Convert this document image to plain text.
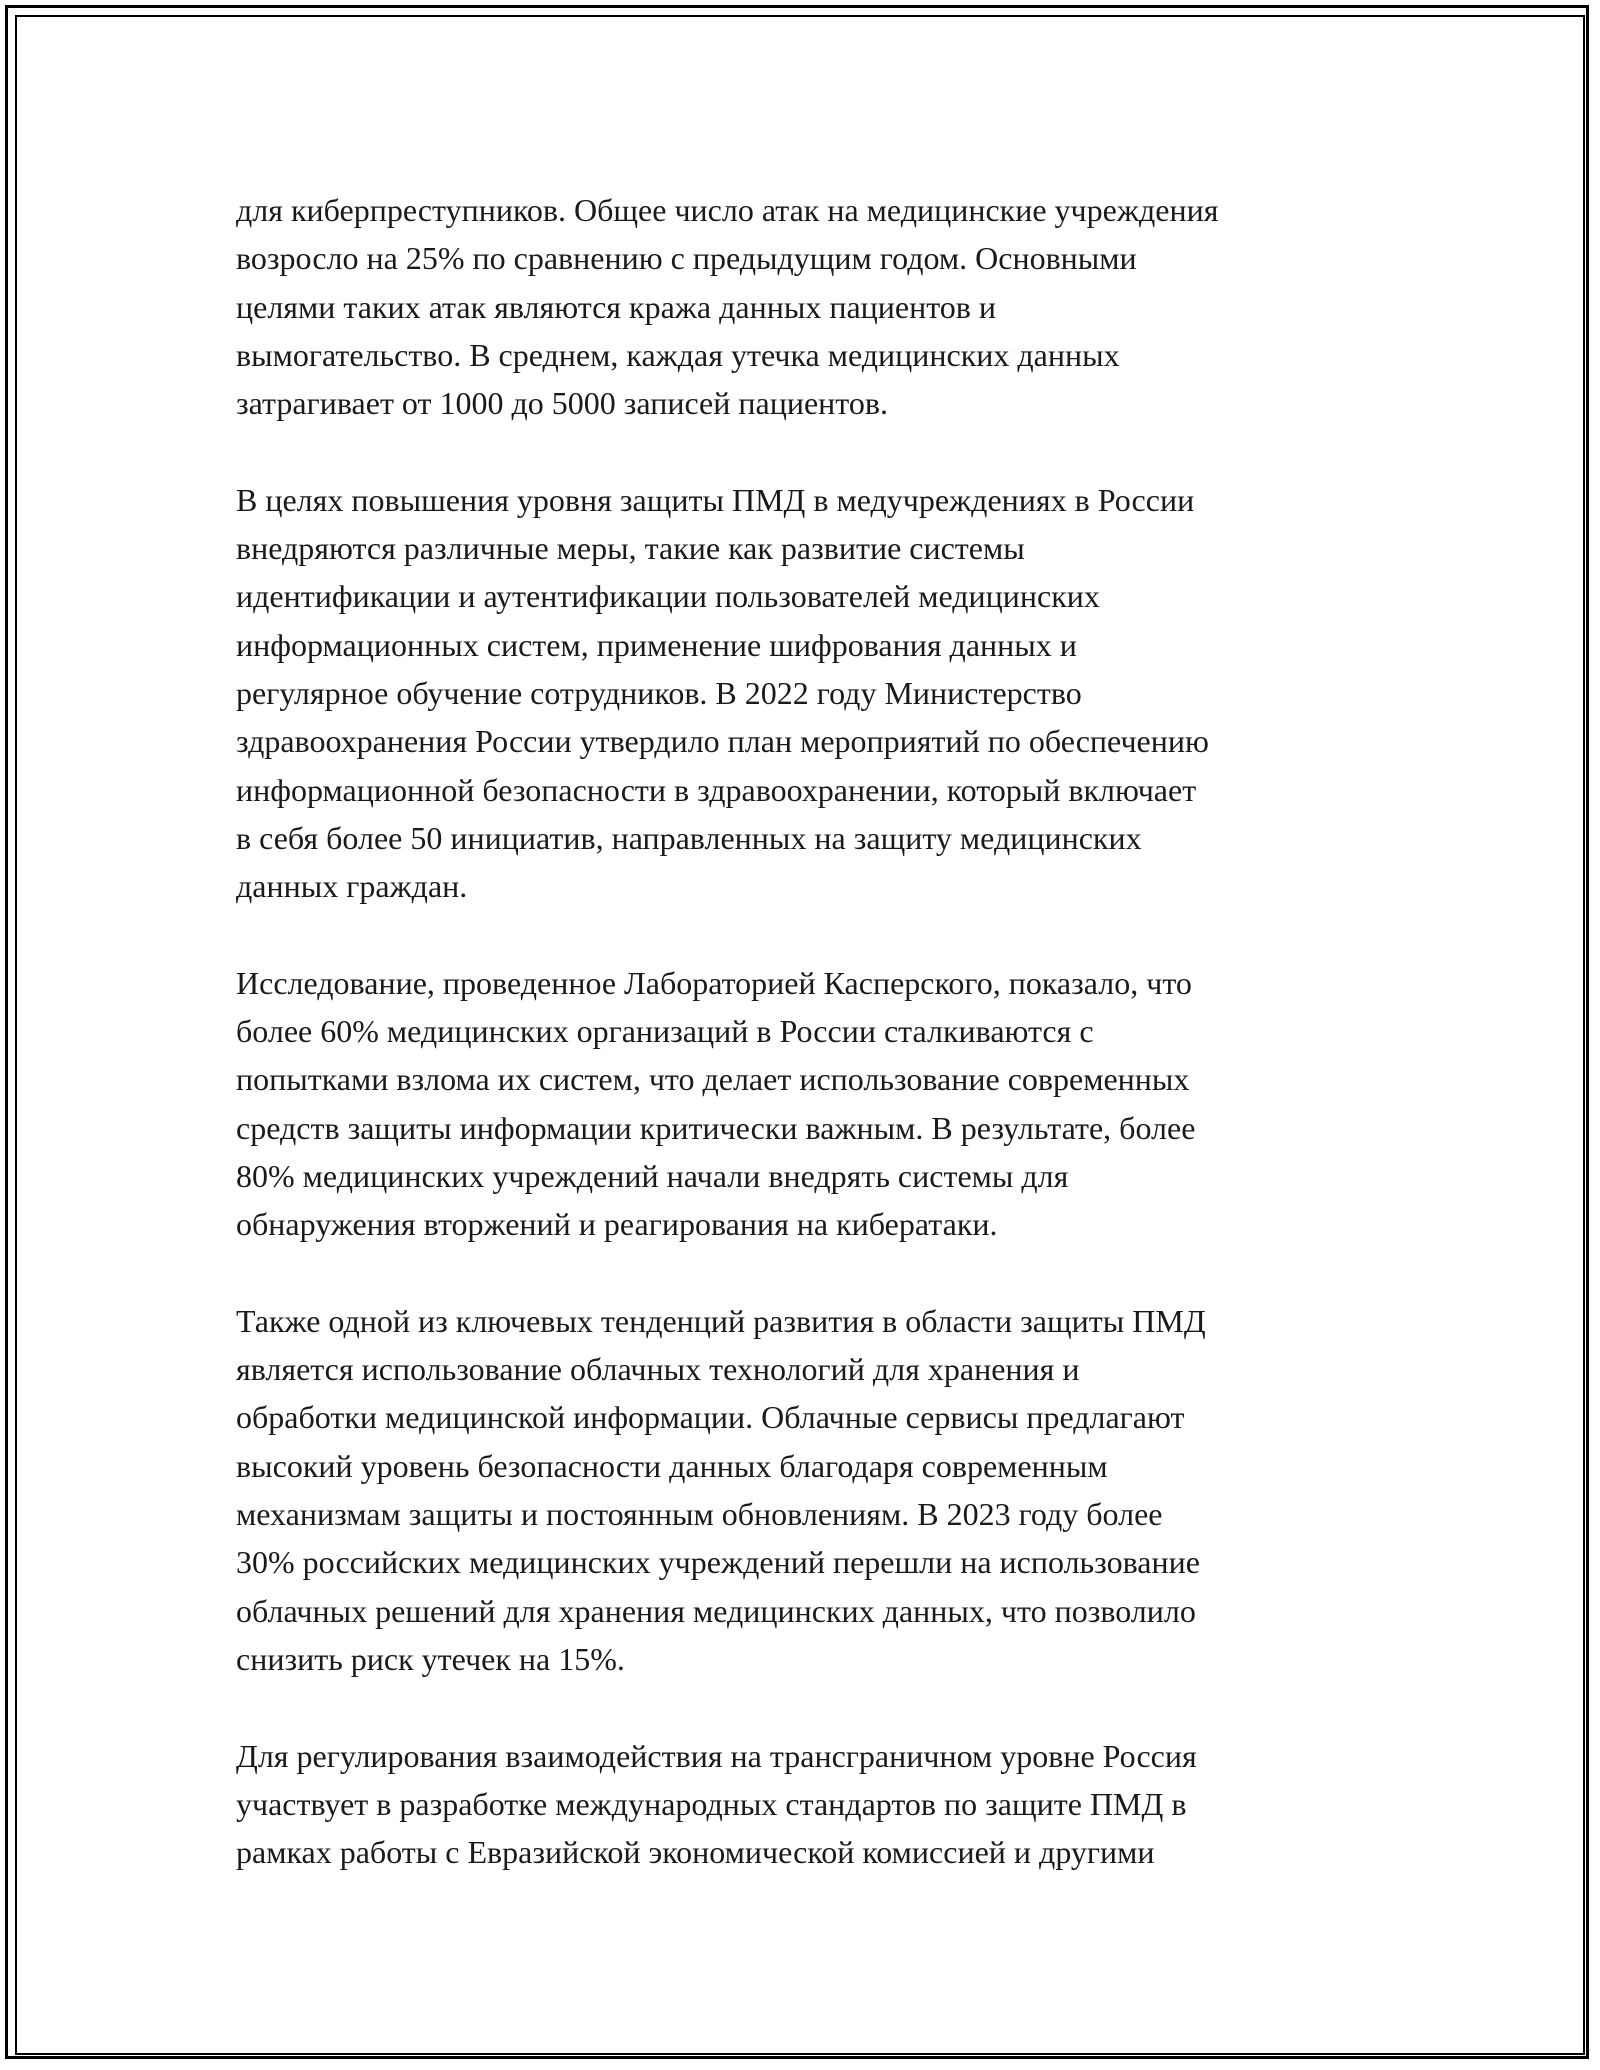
для киберпреступников. Общее число атак на медицинские учреждения
возросло на 25% по сравнению с предыдущим годом. Основными
целями таких атак являются кража данных пациентов и
вымогательство. В среднем, каждая утечка медицинских данных
затрагивает от 1000 до 5000 записей пациентов.

В целях повышения уровня защиты ПМД в медучреждениях в России
внедряются различные меры, такие как развитие системы
идентификации и аутентификации пользователей медицинских
информационных систем, применение шифрования данных и
регулярное обучение сотрудников. В 2022 году Министерство
здравоохранения России утвердило план мероприятий по обеспечению
информационной безопасности в здравоохранении, который включает
в себя более 50 инициатив, направленных на защиту медицинских
данных граждан.

Исследование, проведенное Лабораторией Касперского, показало, что
более 60% медицинских организаций в России сталкиваются с
попытками взлома их систем, что делает использование современных
средств защиты информации критически важным. В результате, более
80% медицинских учреждений начали внедрять системы для
обнаружения вторжений и реагирования на кибератаки.

Также одной из ключевых тенденций развития в области защиты ПМД
является использование облачных технологий для хранения и
обработки медицинской информации. Облачные сервисы предлагают
высокий уровень безопасности данных благодаря современным
механизмам защиты и постоянным обновлениям. В 2023 году более
30% российских медицинских учреждений перешли на использование
облачных решений для хранения медицинских данных, что позволило
снизить риск утечек на 15%.

Для регулирования взаимодействия на трансграничном уровне Россия
участвует в разработке международных стандартов по защите ПМД в
рамках работы с Евразийской экономической комиссией и другими
